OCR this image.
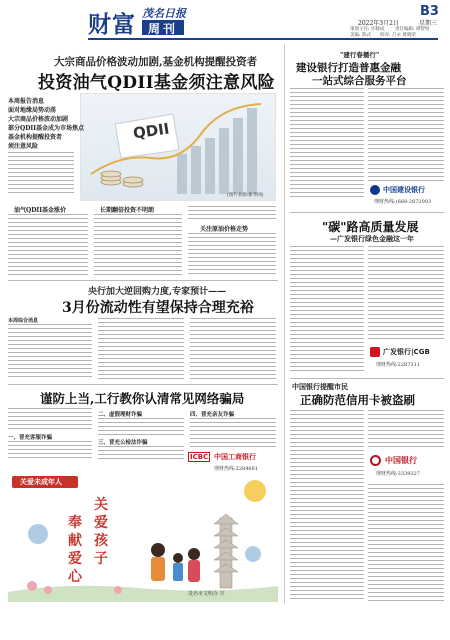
财富 茂名日报
周刊
B3
2022年3月2日	星期三
策划主任: 许晓成 责任编辑: 谭智恒
美编: 陈式 校对: 吕永 黄晓荣
大宗商品价格波动加剧,基金机构提醒投资者
投资油气QDII基金须注意风险
QDII
(图片来源:新华网)
本周报告消息
面对地缘局势动荡
大宗商品价格波动加剧
部分QDII基金成为市场焦点
基金机构提醒投资者
须注意风险
油气QDII基金涨价	长期翻倍投资不明朗
关注原油价格走势
央行加大逆回购力度,专家预计——
3月份流动性有望保持合理充裕
本周综合消息
谨防上当,工行教你认清常见网络骗局
一、冒充客服诈骗
二、虚假理财诈骗
三、冒充公检法诈骗
四、冒充亲友诈骗
ICBC 中国工商银行
理财热线:2284661
关爱未成年人
关爱孩子
奉献爱心
茂名市文明办 宣
"建行春播行"
建设银行打造普惠金融
一站式综合服务平台
中国建设银行
理财热线:(668-2872003
"碳"路高质量发展
—广发银行绿色金融这一年
广发银行|CGB
理财热线:2287311
中国银行提醒市民
正确防范信用卡被盗刷
中国银行
理财热线:3339327
